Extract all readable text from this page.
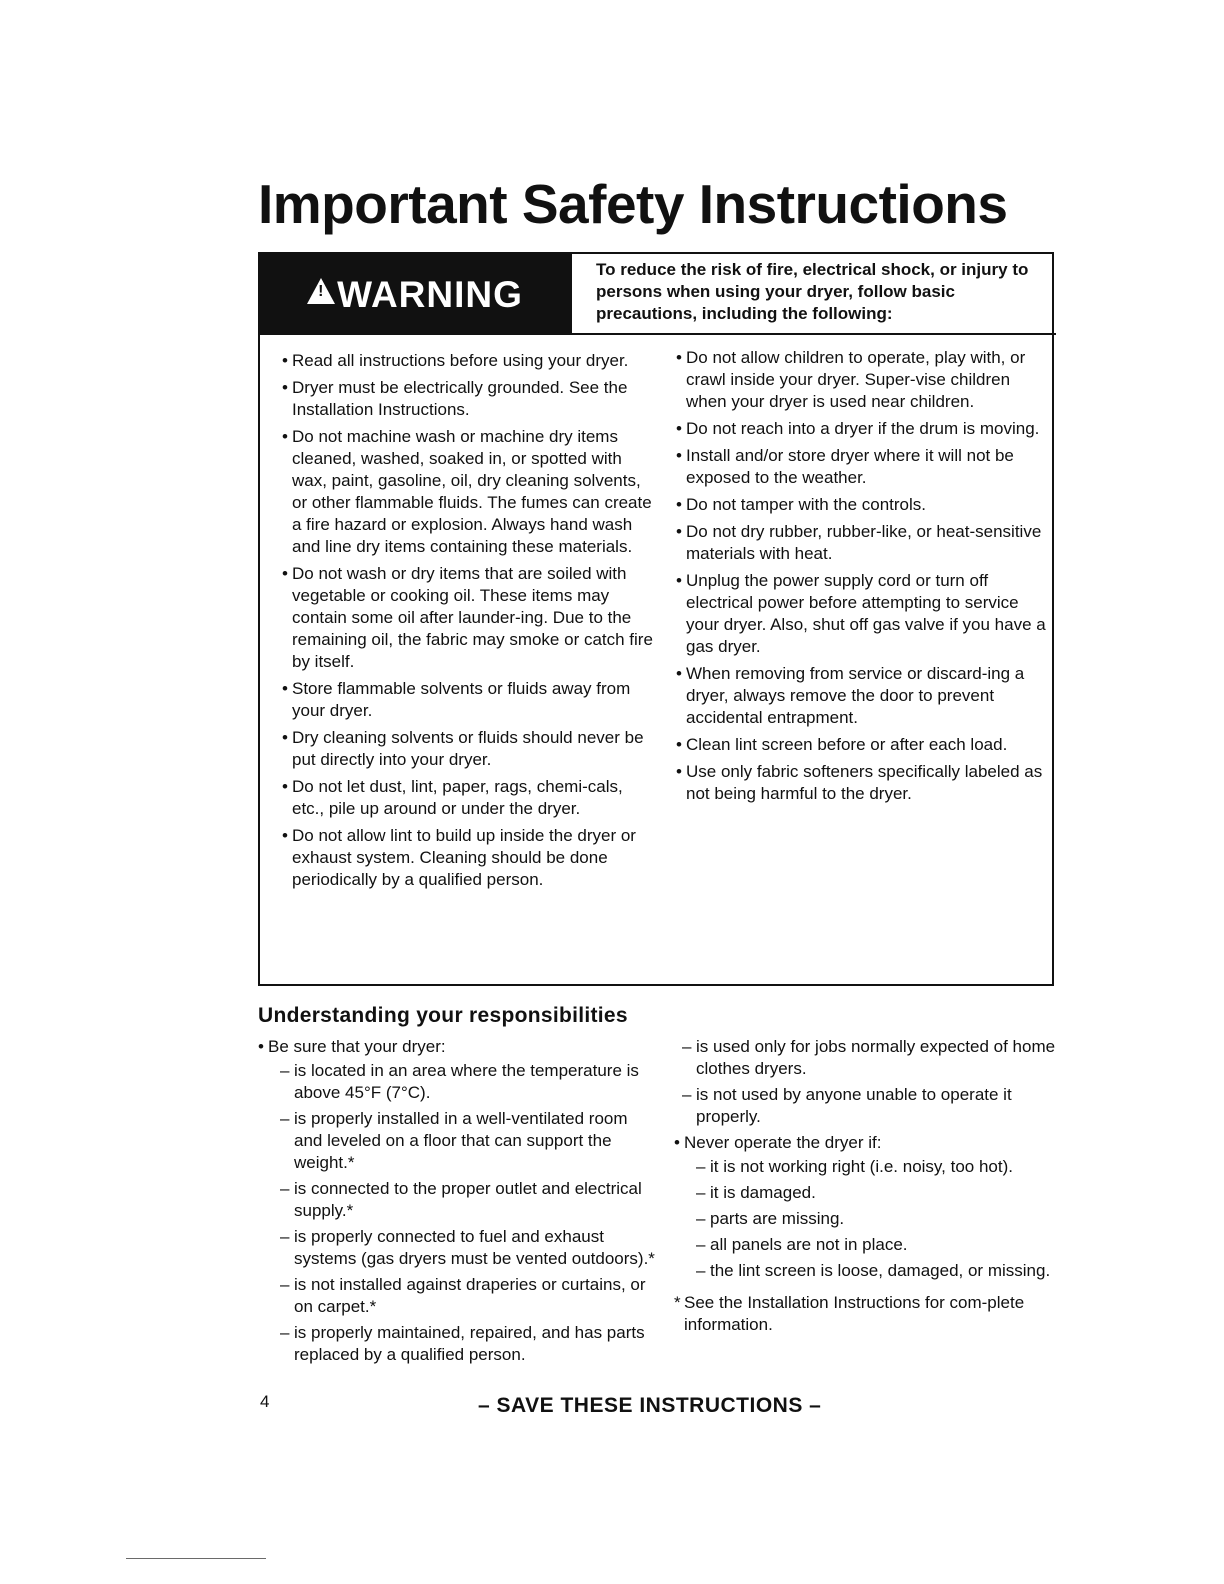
Important Safety Instructions
!
WARNING
To reduce the risk of fire, electrical shock, or injury to persons when using your dryer, follow basic precautions, including the following:
• Read all instructions before using your dryer.
• Dryer must be electrically grounded. See the Installation Instructions.
• Do not machine wash or machine dry items cleaned, washed, soaked in, or spotted with wax, paint, gasoline, oil, dry cleaning solvents, or other flammable fluids. The fumes can create a fire hazard or explosion. Always hand wash and line dry items containing these materials.
• Do not wash or dry items that are soiled with vegetable or cooking oil. These items may contain some oil after launder-ing. Due to the remaining oil, the fabric may smoke or catch fire by itself.
• Store flammable solvents or fluids away from your dryer.
• Dry cleaning solvents or fluids should never be put directly into your dryer.
• Do not let dust, lint, paper, rags, chemi-cals, etc., pile up around or under the dryer.
• Do not allow lint to build up inside the dryer or exhaust system. Cleaning should be done periodically by a qualified person.
• Do not allow children to operate, play with, or crawl inside your dryer. Super-vise children when your dryer is used near children.
• Do not reach into a dryer if the drum is moving.
• Install and/or store dryer where it will not be exposed to the weather.
• Do not tamper with the controls.
• Do not dry rubber, rubber-like, or heat-sensitive materials with heat.
• Unplug the power supply cord or turn off electrical power before attempting to service your dryer. Also, shut off gas valve if you have a gas dryer.
• When removing from service or discard-ing a dryer, always remove the door to prevent accidental entrapment.
• Clean lint screen before or after each load.
• Use only fabric softeners specifically labeled as not being harmful to the dryer.
Understanding your responsibilities
• Be sure that your dryer:
– is located in an area where the temperature is above 45°F (7°C).
– is properly installed in a well-ventilated room and leveled on a floor that can support the weight.*
– is connected to the proper outlet and electrical supply.*
– is properly connected to fuel and exhaust systems (gas dryers must be vented outdoors).*
– is not installed against draperies or curtains, or on carpet.*
– is properly maintained, repaired, and has parts replaced by a qualified person.
– is used only for jobs normally expected of home clothes dryers.
– is not used by anyone unable to operate it properly.
• Never operate the dryer if:
– it is not working right (i.e. noisy, too hot).
– it is damaged.
– parts are missing.
– all panels are not in place.
– the lint screen is loose, damaged, or missing.
* See the Installation Instructions for com-plete information.
4	– SAVE THESE INSTRUCTIONS –
